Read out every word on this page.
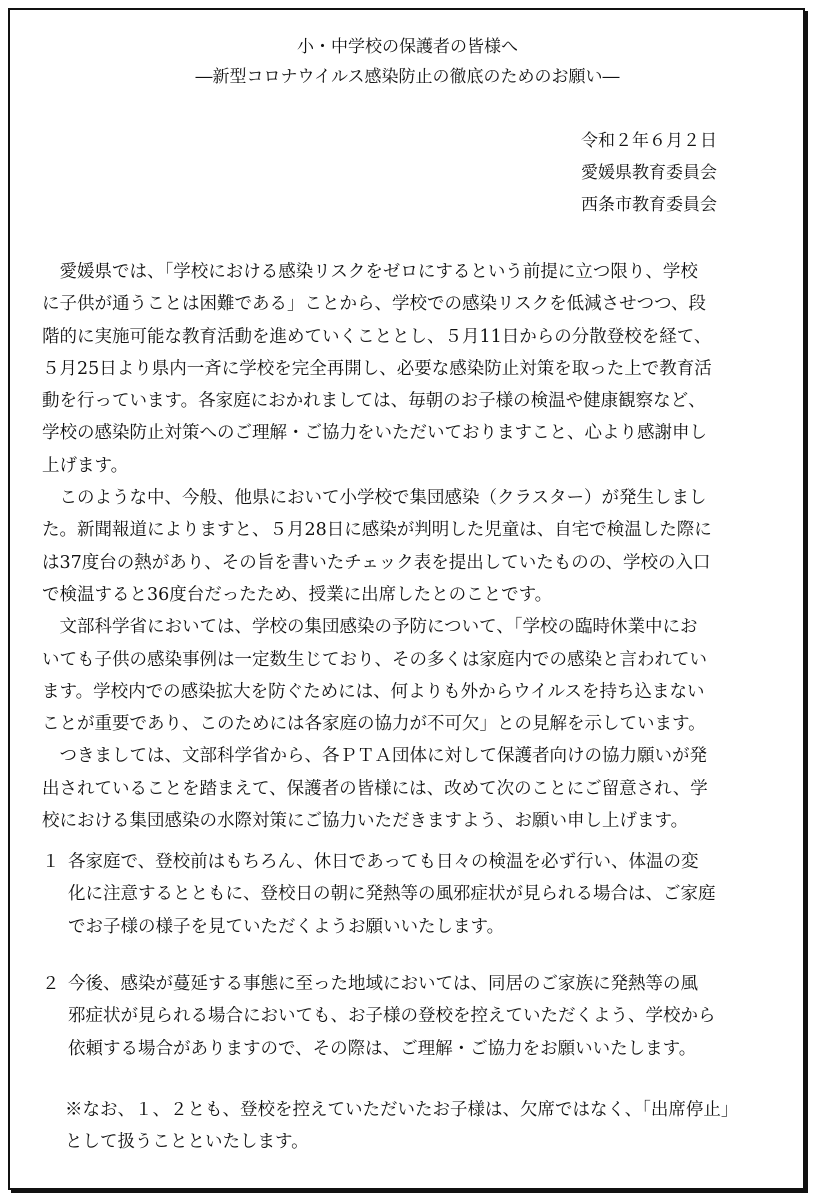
小・中学校の保護者の皆様へ
―新型コロナウイルス感染防止の徹底のためのお願い―
令和２年６月２日
愛媛県教育委員会
西条市教育委員会
　愛媛県では、「学校における感染リスクをゼロにするという前提に立つ限り、学校
に子供が通うことは困難である」ことから、学校での感染リスクを低減させつつ、段
階的に実施可能な教育活動を進めていくこととし、５月11日からの分散登校を経て、
５月25日より県内一斉に学校を完全再開し、必要な感染防止対策を取った上で教育活
動を行っています。各家庭におかれましては、毎朝のお子様の検温や健康観察など、
学校の感染防止対策へのご理解・ご協力をいただいておりますこと、心より感謝申し
上げます。
　このような中、今般、他県において小学校で集団感染（クラスター）が発生しまし
た。新聞報道によりますと、５月28日に感染が判明した児童は、自宅で検温した際に
は37度台の熱があり、その旨を書いたチェック表を提出していたものの、学校の入口
で検温すると36度台だったため、授業に出席したとのことです。
　文部科学省においては、学校の集団感染の予防について、「学校の臨時休業中にお
いても子供の感染事例は一定数生じており、その多くは家庭内での感染と言われてい
ます。学校内での感染拡大を防ぐためには、何よりも外からウイルスを持ち込まない
ことが重要であり、このためには各家庭の協力が不可欠」との見解を示しています。
　つきましては、文部科学省から、各ＰＴＡ団体に対して保護者向けの協力願いが発
出されていることを踏まえて、保護者の皆様には、改めて次のことにご留意され、学
校における集団感染の水際対策にご協力いただきますよう、お願い申し上げます。
１ 各家庭で、登校前はもちろん、休日であっても日々の検温を必ず行い、体温の変
化に注意するとともに、登校日の朝に発熱等の風邪症状が見られる場合は、ご家庭
でお子様の様子を見ていただくようお願いいたします。
２ 今後、感染が蔓延する事態に至った地域においては、同居のご家族に発熱等の風
邪症状が見られる場合においても、お子様の登校を控えていただくよう、学校から
依頼する場合がありますので、その際は、ご理解・ご協力をお願いいたします。
※なお、１、２とも、登校を控えていただいたお子様は、欠席ではなく、「出席停止」
として扱うことといたします。
